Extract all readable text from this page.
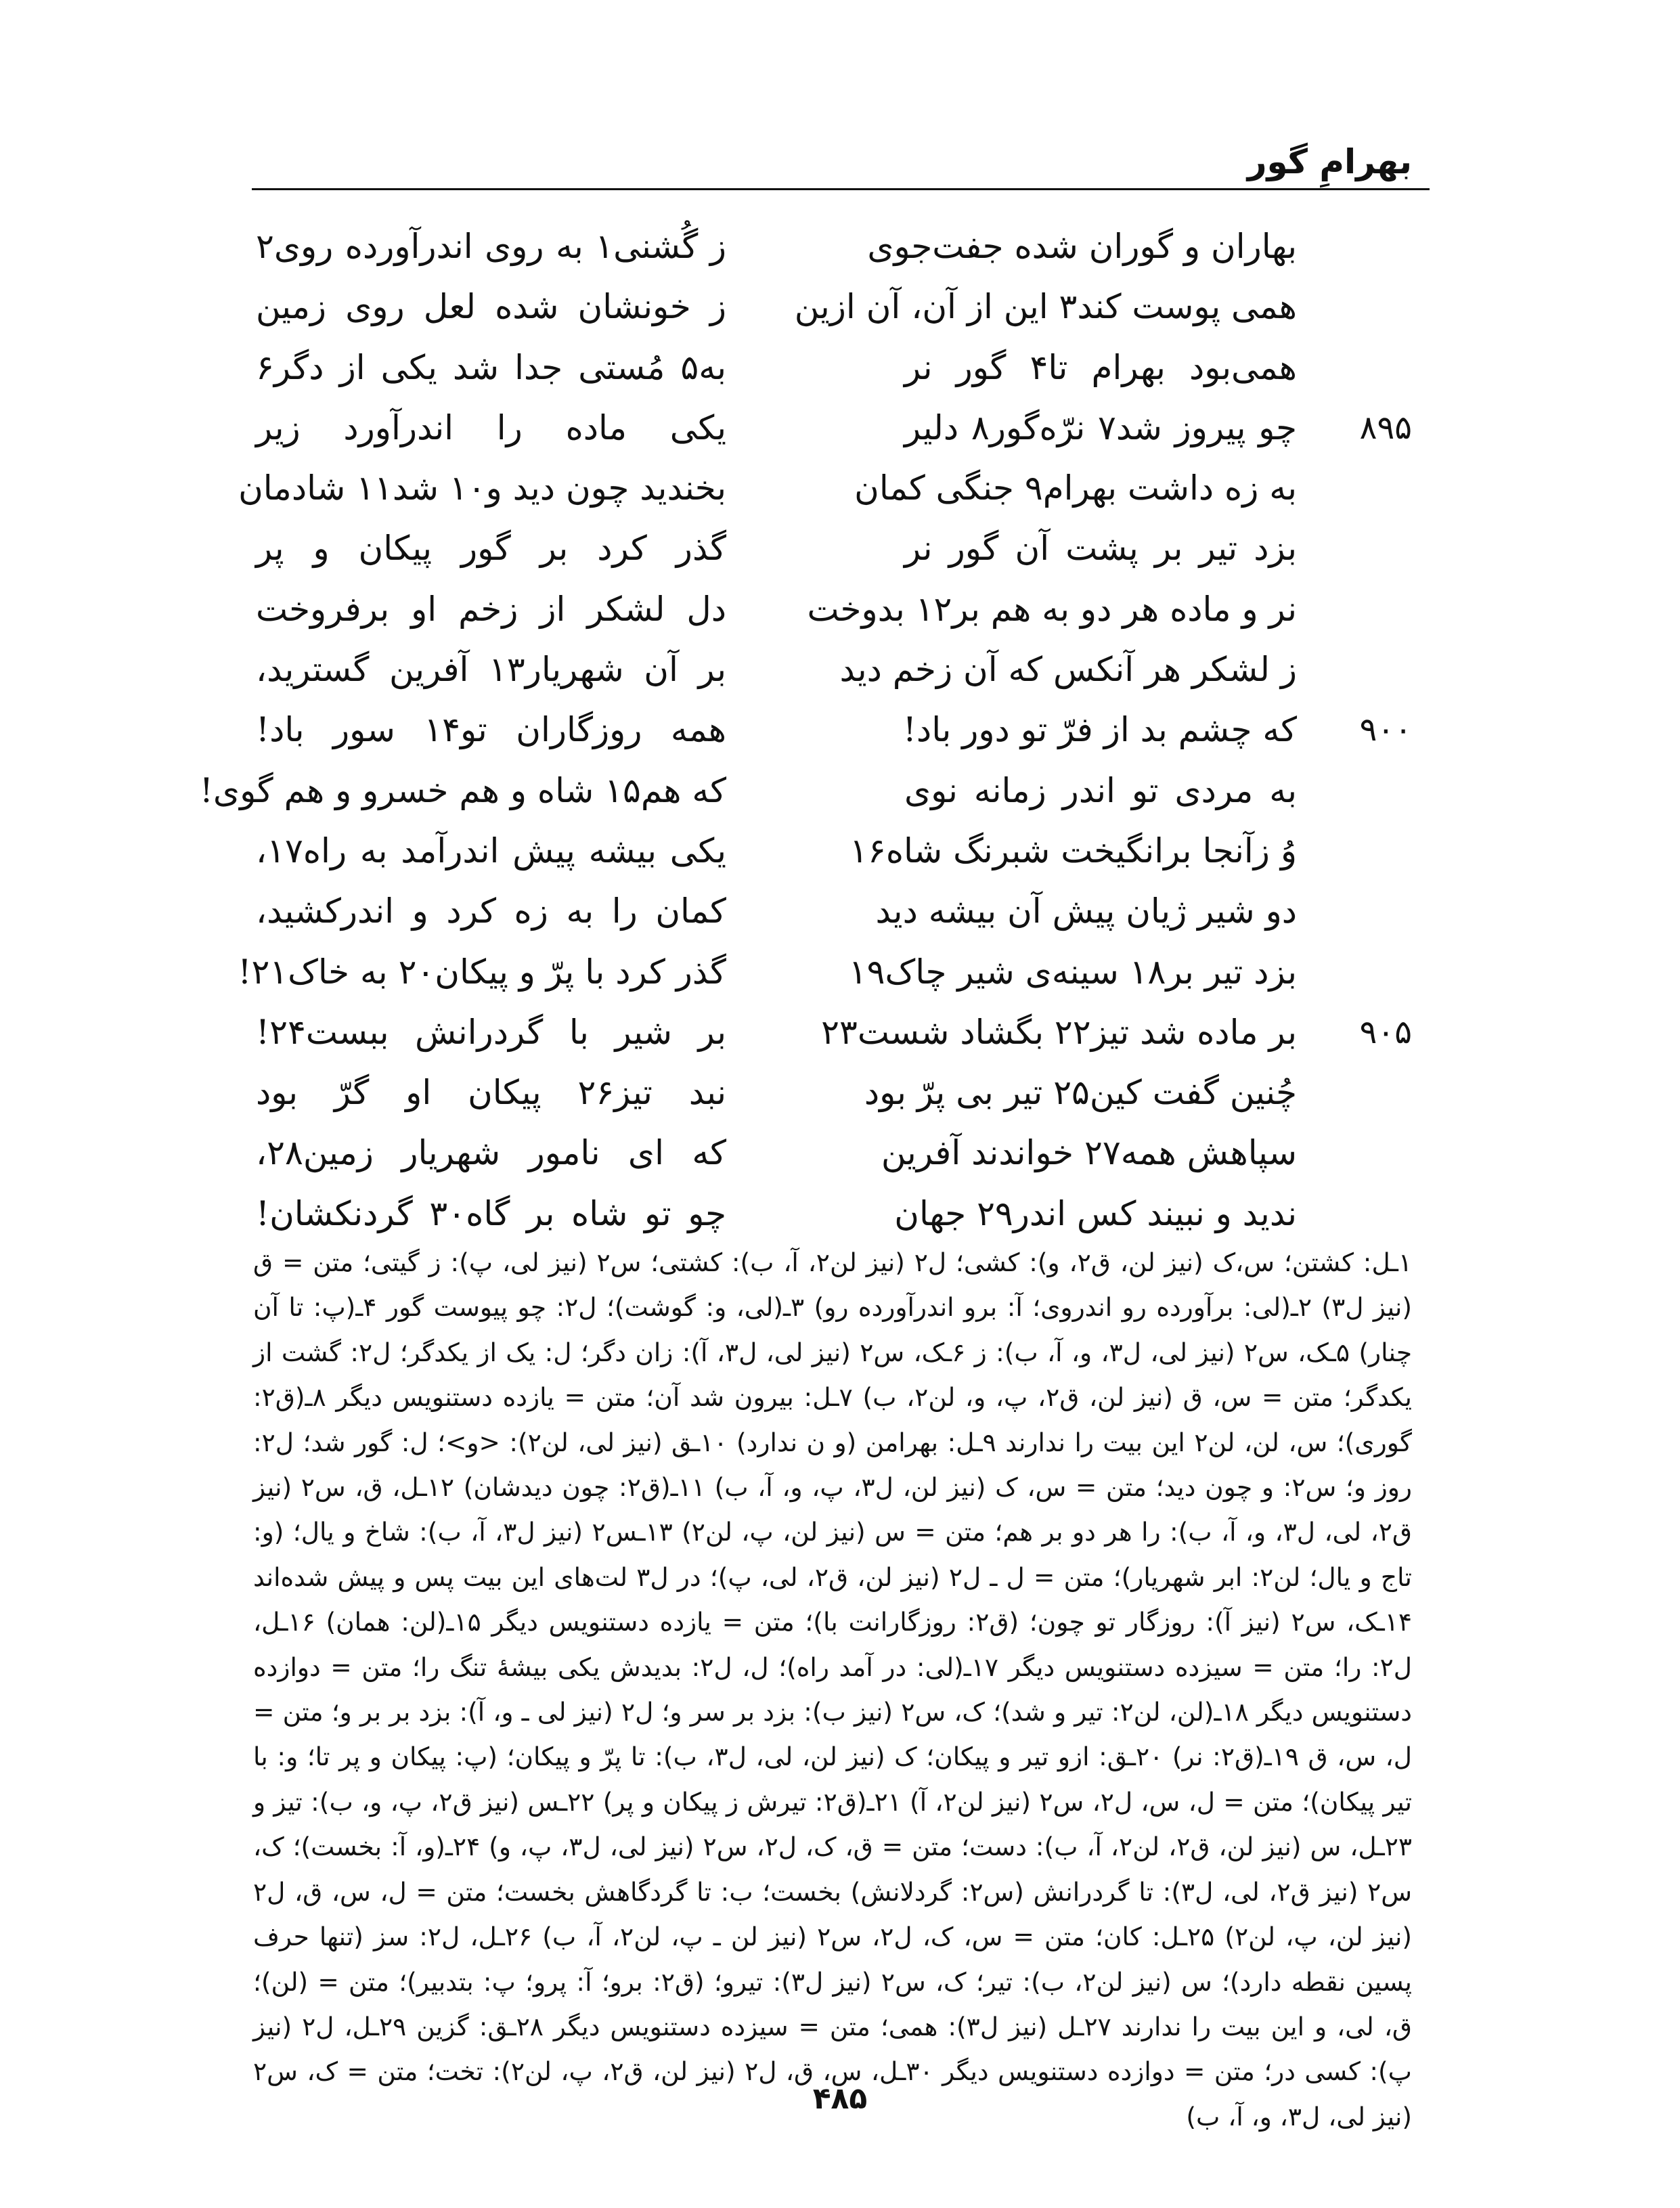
بهرامِ گور
بهاران و گوران شده جفت‌جوی
ز گُشنی۱ به روی اندرآورده روی۲
همی پوست کند۳ این از آن، آن ازین
ز خونشان شده لعل روی زمین
همی‌بود بهرام تا۴ گور نر
به۵ مُستی جدا شد یکی از دگر۶
۸۹۵
چو پیروز شد۷ نرّه‌گور۸ دلیر
یکی ماده را اندرآورد زیر
به زه داشت بهرام۹ جنگی کمان
بخندید چون دید و۱۰ شد۱۱ شادمان
بزد تیر بر پشت آن گور نر
گذر کرد بر گور پیکان و پر
نر و ماده هر دو به هم بر۱۲ بدوخت
دل لشکر از زخم او برفروخت
ز لشکر هر آنکس که آن زخم دید
بر آن شهریار۱۳ آفرین گسترید،
۹۰۰
که چشم بد از فرّ تو دور باد!
همه روزگاران تو۱۴ سور باد!
به مردی تو اندر زمانه نوی
که هم۱۵ شاه و هم خسرو و هم گوی!
وُ زآنجا برانگیخت شبرنگ شاه۱۶
یکی بیشه پیش اندرآمد به راه۱۷،
دو شیر ژیان پیش آن بیشه دید
کمان را به زه کرد و اندرکشید،
بزد تیر بر۱۸ سینه‌ی شیر چاک۱۹
گذر کرد با پرّ و پیکان۲۰ به خاک۲۱!
۹۰۵
بر ماده شد تیز۲۲ بگشاد شست۲۳
بر شیر با گردرانش ببست۲۴!
چُنین گفت کین۲۵ تیر بی پرّ بود
نبد تیز۲۶ پیکان او گرّ بود
سپاهش همه۲۷ خواندند آفرین
که ای نامور شهریار زمین۲۸،
ندید و نبیند کس اندر۲۹ جهان
چو تو شاه بر گاه۳۰ گردنکشان!

۱ـل: کشتن؛ س،ک (نیز لن، ق۲، و): کشی؛ ل۲ (نیز لن۲، آ، ب): کشتی؛ س۲ (نیز لی، پ): ز گیتی؛ متن = ق (نیز ل۳) ۲ـ(لی: برآورده رو اندروی؛ آ: برو اندرآورده رو) ۳ـ(لی، و: گوشت)؛ ل۲: چو پیوست گور ۴ـ(پ: تا آن چنار) ۵ـک، س۲ (نیز لی، ل۳، و، آ، ب): ز ۶ـک، س۲ (نیز لی، ل۳، آ): زان دگر؛ ل: یک از یکدگر؛ ل۲: گشت از یکدگر؛ متن = س، ق (نیز لن، ق۲، پ، و، لن۲، ب) ۷ـل: بیرون شد آن؛ متن = یازده دستنویس دیگر ۸ـ(ق۲: گوری)؛ س، لن، لن۲ این بیت را ندارند ۹ـل: بهرامن (و ن ندارد) ۱۰ـق (نیز لی، لن۲): <و>؛ ل: گور شد؛ ل۲: روز و؛ س۲: و چون دید؛ متن = س، ک (نیز لن، ل۳، پ، و، آ، ب) ۱۱ـ(ق۲: چون دیدشان) ۱۲ـل، ق، س۲ (نیز ق۲، لی، ل۳، و، آ، ب): را هر دو بر هم؛ متن = س (نیز لن، پ، لن۲) ۱۳ـس۲ (نیز ل۳، آ، ب): شاخ و یال؛ (و: تاج و یال؛ لن۲: ابر شهریار)؛ متن = ل ـ ل۲ (نیز لن، ق۲، لی، پ)؛ در ل۳ لت‌های این بیت پس و پیش شده‌اند ۱۴ـک، س۲ (نیز آ): روزگار تو چون؛ (ق۲: روزگارانت با)؛ متن = یازده دستنویس دیگر ۱۵ـ(لن: همان) ۱۶ـل، ل۲: را؛ متن = سیزده دستنویس دیگر ۱۷ـ(لی: در آمد راه)؛ ل، ل۲: بدیدش یکی بیشهٔ تنگ را؛ متن = دوازده دستنویس دیگر ۱۸ـ(لن، لن۲: تیر و شد)؛ ک، س۲ (نیز ب): بزد بر سر و؛ ل۲ (نیز لی ـ و، آ): بزد بر بر و؛ متن = ل، س، ق ۱۹ـ(ق۲: نر) ۲۰ـق: ازو تیر و پیکان؛ ک (نیز لن، لی، ل۳، ب): تا پرّ و پیکان؛ (پ: پیکان و پر تا؛ و: با تیر پیکان)؛ متن = ل، س، ل۲، س۲ (نیز لن۲، آ) ۲۱ـ(ق۲: تیرش ز پیکان و پر) ۲۲ـس (نیز ق۲، پ، و، ب): تیز و ۲۳ـل، س (نیز لن، ق۲، لن۲، آ، ب): دست؛ متن = ق، ک، ل۲، س۲ (نیز لی، ل۳، پ، و) ۲۴ـ(و، آ: بخست)؛ ک، س۲ (نیز ق۲، لی، ل۳): تا گردرانش (س۲: گردلانش) بخست؛ ب: تا گردگاهش بخست؛ متن = ل، س، ق، ل۲ (نیز لن، پ، لن۲) ۲۵ـل: کان؛ متن = س، ک، ل۲، س۲ (نیز لن ـ پ، لن۲، آ، ب) ۲۶ـل، ل۲: سز (تنها حرف پسین نقطه دارد)؛ س (نیز لن۲، ب): تیر؛ ک، س۲ (نیز ل۳): تیرو؛ (ق۲: برو؛ آ: پرو؛ پ: بتدبیر)؛ متن = (لن)؛ ق، لی، و این بیت را ندارند ۲۷ـل (نیز ل۳): همی؛ متن = سیزده دستنویس دیگر ۲۸ـق: گزین ۲۹ـل، ل۲ (نیز پ): کسی در؛ متن = دوازده دستنویس دیگر ۳۰ـل، س، ق، ل۲ (نیز لن، ق۲، پ، لن۲): تخت؛ متن = ک، س۲ (نیز لی، ل۳، و، آ، ب)

۴۸۵
